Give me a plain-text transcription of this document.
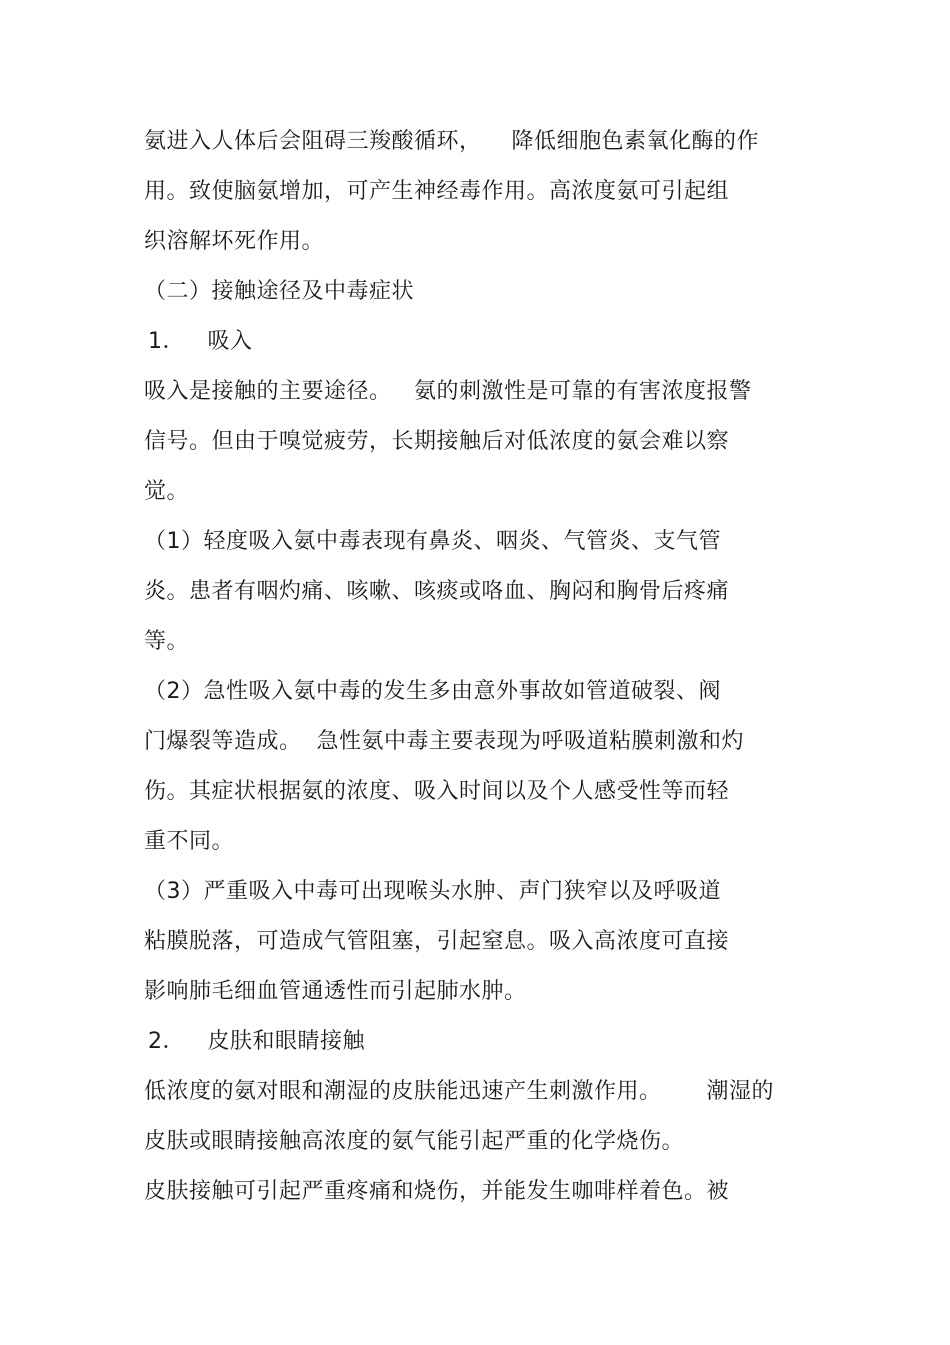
氨进入人体后会阻碍三羧酸循环，    降低细胞色素氧化酶的作
用。致使脑氨增加，可产生神经毒作用。高浓度氨可引起组
织溶解坏死作用。
（二）接触途径及中毒症状
1．   吸入
吸入是接触的主要途径。   氨的刺激性是可靠的有害浓度报警
信号。但由于嗅觉疲劳，长期接触后对低浓度的氨会难以察
觉。
（1）轻度吸入氨中毒表现有鼻炎、咽炎、气管炎、支气管
炎。患者有咽灼痛、咳嗽、咳痰或咯血、胸闷和胸骨后疼痛
等。
（2）急性吸入氨中毒的发生多由意外事故如管道破裂、阀
门爆裂等造成。  急性氨中毒主要表现为呼吸道粘膜刺激和灼
伤。其症状根据氨的浓度、吸入时间以及个人感受性等而轻
重不同。
（3）严重吸入中毒可出现喉头水肿、声门狭窄以及呼吸道
粘膜脱落，可造成气管阻塞，引起窒息。吸入高浓度可直接
影响肺毛细血管通透性而引起肺水肿。
2．   皮肤和眼睛接触
低浓度的氨对眼和潮湿的皮肤能迅速产生刺激作用。      潮湿的
皮肤或眼睛接触高浓度的氨气能引起严重的化学烧伤。
皮肤接触可引起严重疼痛和烧伤，并能发生咖啡样着色。被
